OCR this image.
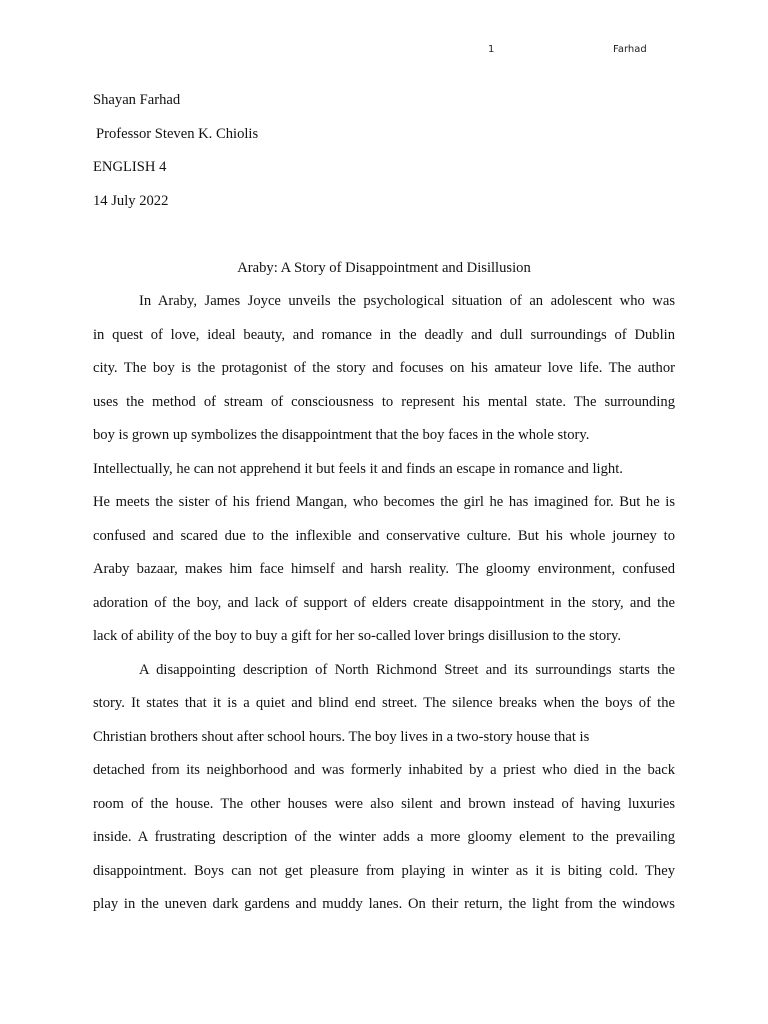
1	Farhad

Shayan Farhad

Professor Steven K. Chiolis

ENGLISH 4

14 July 2022

Araby: A Story of Disappointment and Disillusion

In Araby, James Joyce unveils the psychological situation of an adolescent who was
in quest of love, ideal beauty, and romance in the deadly and dull surroundings of Dublin
city. The boy is the protagonist of the story and focuses on his amateur love life. The author
uses the method of stream of consciousness to represent his mental state. The surrounding
boy is grown up symbolizes the disappointment that the boy faces in the whole story.
Intellectually, he can not apprehend it but feels it and finds an escape in romance and light.
He meets the sister of his friend Mangan, who becomes the girl he has imagined for. But he is
confused and scared due to the inflexible and conservative culture. But his whole journey to
Araby bazaar, makes him face himself and harsh reality. The gloomy environment, confused
adoration of the boy, and lack of support of elders create disappointment in the story, and the
lack of ability of the boy to buy a gift for her so-called lover brings disillusion to the story.
A disappointing description of North Richmond Street and its surroundings starts the
story. It states that it is a quiet and blind end street. The silence breaks when the boys of the
Christian brothers shout after school hours. The boy lives in a two-story house that is
detached from its neighborhood and was formerly inhabited by a priest who died in the back
room of the house. The other houses were also silent and brown instead of having luxuries
inside. A frustrating description of the winter adds a more gloomy element to the prevailing
disappointment. Boys can not get pleasure from playing in winter as it is biting cold. They
play in the uneven dark gardens and muddy lanes. On their return, the light from the windows
